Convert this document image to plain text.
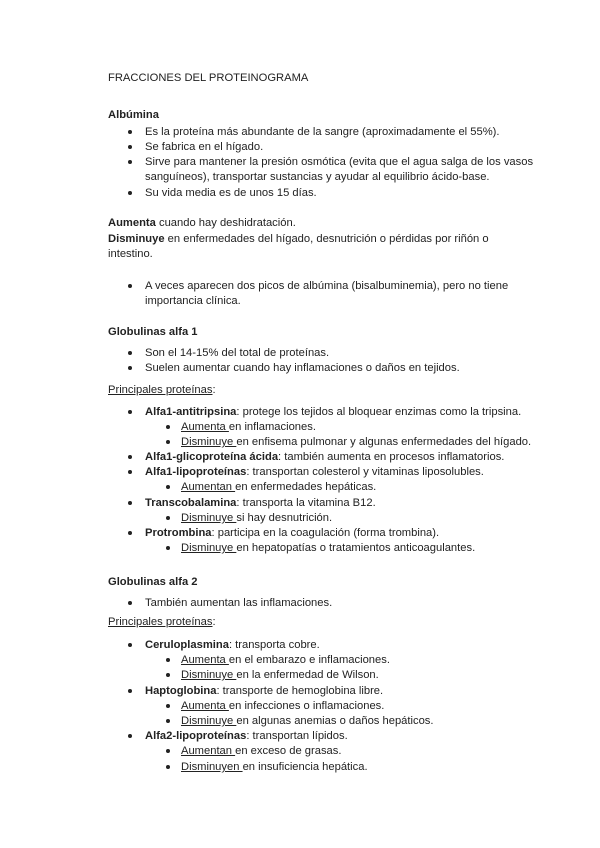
FRACCIONES DEL PROTEINOGRAMA
Albúmina
Es la proteína más abundante de la sangre (aproximadamente el 55%).
Se fabrica en el hígado.
Sirve para mantener la presión osmótica (evita que el agua salga de los vasos
sanguíneos), transportar sustancias y ayudar al equilibrio ácido-base.
Su vida media es de unos 15 días.
Aumenta cuando hay deshidratación.
Disminuye en enfermedades del hígado, desnutrición o pérdidas por riñón o
intestino.
A veces aparecen dos picos de albúmina (bisalbuminemia), pero no tiene
importancia clínica.
Globulinas alfa 1
Son el 14-15% del total de proteínas.
Suelen aumentar cuando hay inflamaciones o daños en tejidos.
Principales proteínas:
Alfa1-antitripsina: protege los tejidos al bloquear enzimas como la tripsina.
Aumenta en inflamaciones.
Disminuye en enfisema pulmonar y algunas enfermedades del hígado.
Alfa1-glicoproteína ácida: también aumenta en procesos inflamatorios.
Alfa1-lipoproteínas: transportan colesterol y vitaminas liposolubles.
Aumentan en enfermedades hepáticas.
Transcobalamina: transporta la vitamina B12.
Disminuye si hay desnutrición.
Protrombina: participa en la coagulación (forma trombina).
Disminuye en hepatopatías o tratamientos anticoagulantes.
Globulinas alfa 2
También aumentan las inflamaciones.
Principales proteínas:
Ceruloplasmina: transporta cobre.
Aumenta en el embarazo e inflamaciones.
Disminuye en la enfermedad de Wilson.
Haptoglobina: transporte de hemoglobina libre.
Aumenta en infecciones o inflamaciones.
Disminuye en algunas anemias o daños hepáticos.
Alfa2-lipoproteínas: transportan lípidos.
Aumentan en exceso de grasas.
Disminuyen en insuficiencia hepática.
